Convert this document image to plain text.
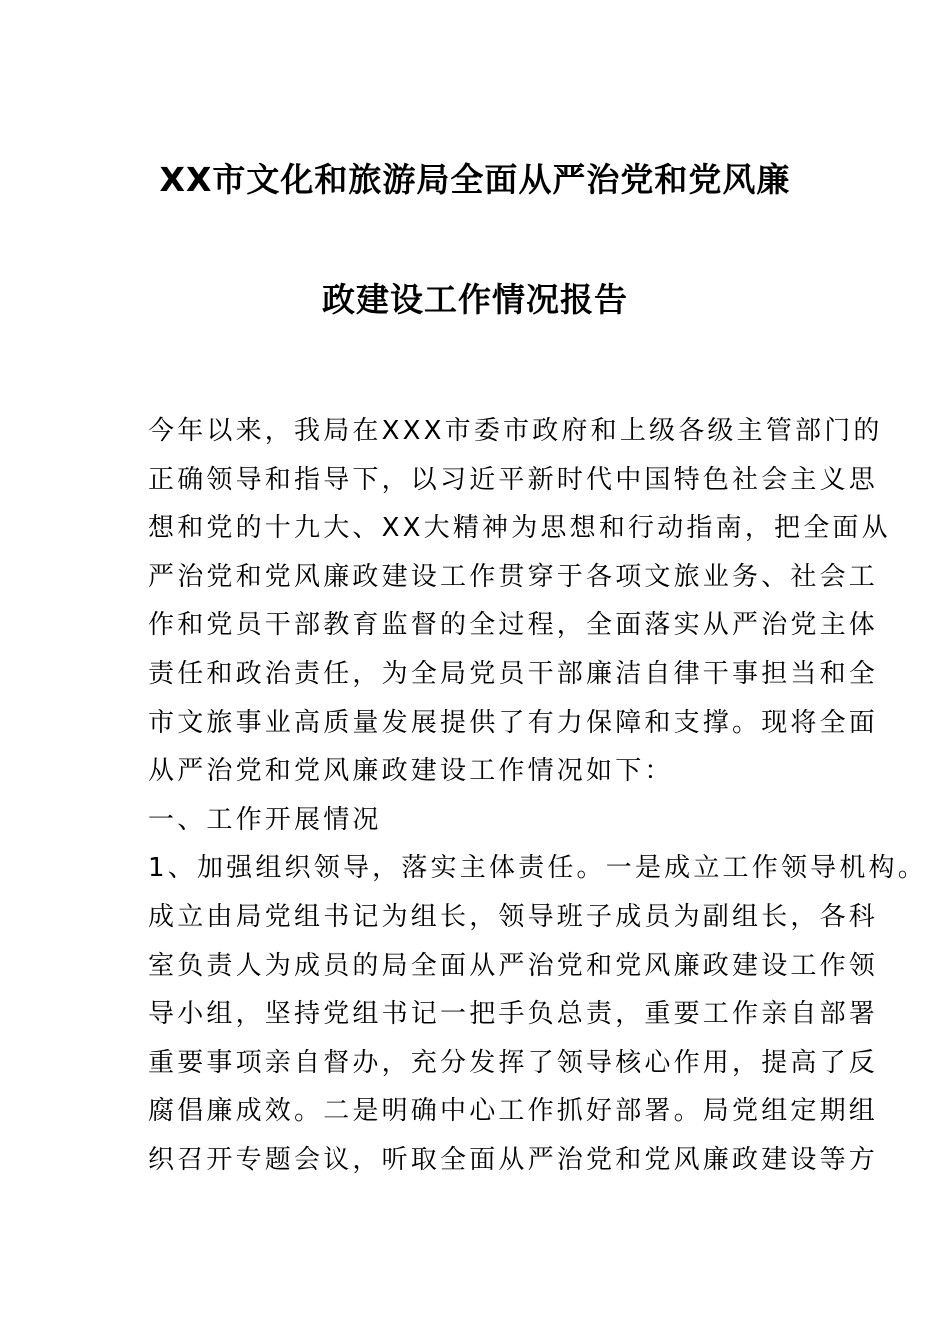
XX市文化和旅游局全面从严治党和党风廉
政建设工作情况报告
今年以来，我局在XXX市委市政府和上级各级主管部门的
正确领导和指导下，以习近平新时代中国特色社会主义思
想和党的十九大、XX大精神为思想和行动指南，把全面从
严治党和党风廉政建设工作贯穿于各项文旅业务、社会工
作和党员干部教育监督的全过程，全面落实从严治党主体
责任和政治责任，为全局党员干部廉洁自律干事担当和全
市文旅事业高质量发展提供了有力保障和支撑。现将全面
从严治党和党风廉政建设工作情况如下：
一、工作开展情况
1、加强组织领导，落实主体责任。一是成立工作领导机构。
成立由局党组书记为组长，领导班子成员为副组长，各科
室负责人为成员的局全面从严治党和党风廉政建设工作领
导小组，坚持党组书记一把手负总责，重要工作亲自部署
重要事项亲自督办，充分发挥了领导核心作用，提高了反
腐倡廉成效。二是明确中心工作抓好部署。局党组定期组
织召开专题会议，听取全面从严治党和党风廉政建设等方
